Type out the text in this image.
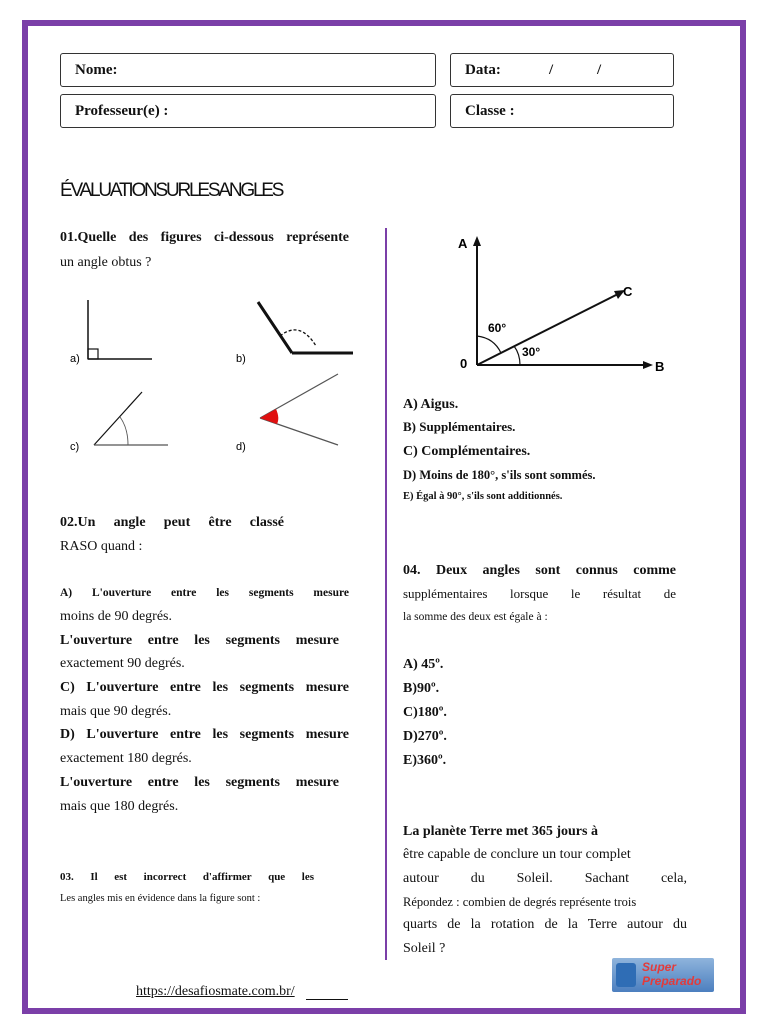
Nome:	Data:	/	/
Professeur(e) :	Classe :
ÉVALUATIONSURLESANGLES
01.Quelle des figures ci-dessous représente
un angle obtus ?
a)	b)
c)	d)
02.Un angle peut être classé
RASO quand :
A) L'ouverture entre les segments mesure
moins de 90 degrés.
L'ouverture entre les segments mesure
exactement 90 degrés.
C) L'ouverture entre les segments mesure
mais que 90 degrés.
D) L'ouverture entre les segments mesure
exactement 180 degrés.
L'ouverture entre les segments mesure
mais que 180 degrés.
03. Il est incorrect d'affirmer que les
Les angles mis en évidence dans la figure sont :
A
C
0	B
60°
30°
A) Aigus.
B) Supplémentaires.
C) Complémentaires.
D) Moins de 180°, s'ils sont sommés.
E) Égal à 90°, s'ils sont additionnés.
04. Deux angles sont connus comme
supplémentaires lorsque le résultat de
la somme des deux est égale à :
A) 45º.
B)90º.
C)180º.
D)270º.
E)360º.
La planète Terre met 365 jours à
être capable de conclure un tour complet
autour du Soleil. Sachant cela,
Répondez : combien de degrés représente trois
quarts de la rotation de la Terre autour du
Soleil ?
https://desafiosmate.com.br/
Super
Preparado
